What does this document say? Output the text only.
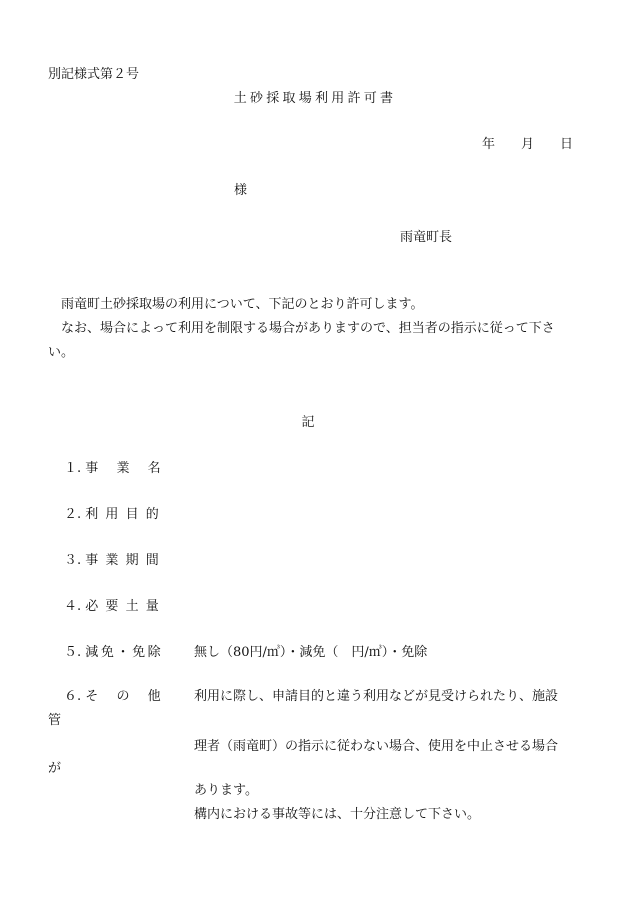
別記様式第２号
土砂採取場利用許可書
年 月 日
様
雨竜町長
　雨竜町土砂採取場の利用について、下記のとおり許可します。
　なお、場合によって利用を制限する場合がありますので、担当者の指示に従って下さ
い。
記
１. 事業名
２. 利用目的
３. 事業期間
４. 必要土量
５. 減免・免除 無し（80円/㎥）・減免（　円/㎥）・免除
６. その他 利用に際し、申請目的と違う利用などが見受けられたり、施設
管
理者（雨竜町）の指示に従わない場合、使用を中止させる場合
が
あります。
構内における事故等には、十分注意して下さい。
